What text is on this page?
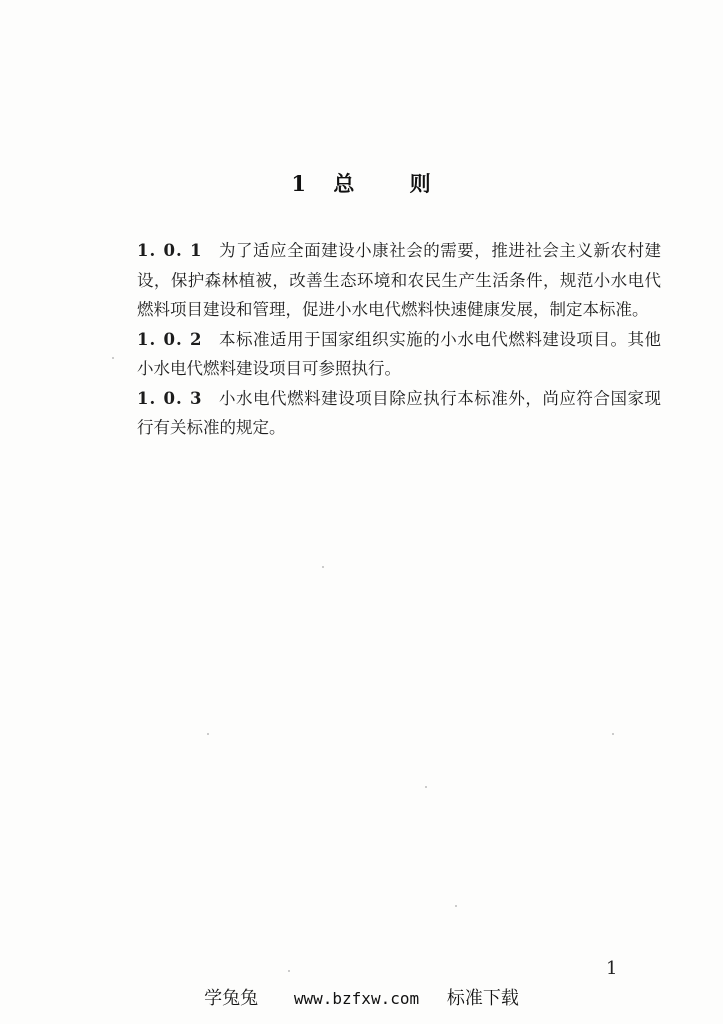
1 总	则

1. 0. 1 为了适应全面建设小康社会的需要，推进社会主义新农村建设，保护森林植被，改善生态环境和农民生产生活条件，规范小水电代燃料项目建设和管理，促进小水电代燃料快速健康发展，制定本标准。

1. 0. 2 本标准适用于国家组织实施的小水电代燃料建设项目。其他小水电代燃料建设项目可参照执行。

1. 0. 3 小水电代燃料建设项目除应执行本标准外，尚应符合国家现行有关标准的规定。

1
学兔兔 www.bzfxw.com 标准下载
